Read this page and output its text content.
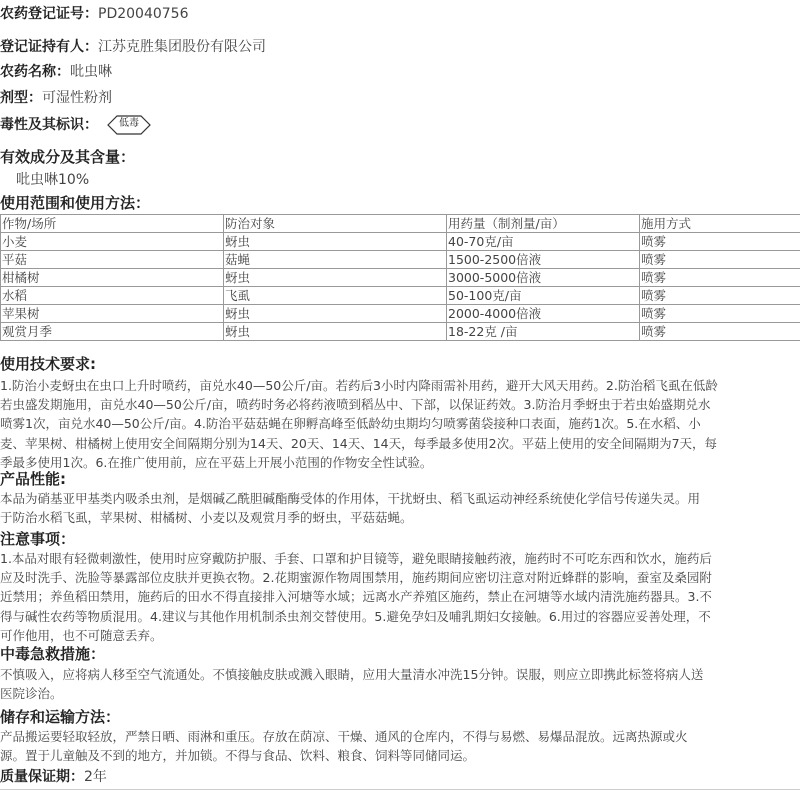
农药登记证号：PD20040756
登记证持有人：江苏克胜集团股份有限公司
农药名称：吡虫啉
剂型：可湿性粉剂
毒性及其标识：	低毒
有效成分及其含量：
吡虫啉10%
使用范围和使用方法：
作物/场所	防治对象	用药量（制剂量/亩）	施用方式
小麦	蚜虫	40-70克/亩	喷雾
平菇	菇蝇	1500-2500倍液	喷雾
柑橘树	蚜虫	3000-5000倍液	喷雾
水稻	飞虱	50-100克/亩	喷雾
苹果树	蚜虫	2000-4000倍液	喷雾
观赏月季	蚜虫	18-22克 /亩	喷雾
使用技术要求:
1.防治小麦蚜虫在虫口上升时喷药，亩兑水40—50公斤/亩。若药后3小时内降雨需补用药，避开大风天用药。2.防治稻飞虱在低龄
若虫盛发期施用，亩兑水40—50公斤/亩，喷药时务必将药液喷到稻丛中、下部，以保证药效。3.防治月季蚜虫于若虫始盛期兑水
喷雾1次，亩兑水40—50公斤/亩。4.防治平菇菇蝇在卵孵高峰至低龄幼虫期均匀喷雾菌袋接种口表面，施药1次。5.在水稻、小
麦、苹果树、柑橘树上使用安全间隔期分别为14天、20天、14天、14天，每季最多使用2次。平菇上使用的安全间隔期为7天，每
季最多使用1次。6.在推广使用前，应在平菇上开展小范围的作物安全性试验。
产品性能:
本品为硝基亚甲基类内吸杀虫剂，是烟碱乙酰胆碱酯酶受体的作用体，干扰蚜虫、稻飞虱运动神经系统使化学信号传递失灵。用
于防治水稻飞虱，苹果树、柑橘树、小麦以及观赏月季的蚜虫，平菇菇蝇。
注意事项：
1.本品对眼有轻微刺激性，使用时应穿戴防护服、手套、口罩和护目镜等，避免眼睛接触药液，施药时不可吃东西和饮水，施药后
应及时洗手、洗脸等暴露部位皮肤并更换衣物。2.花期蜜源作物周围禁用，施药期间应密切注意对附近蜂群的影响，蚕室及桑园附
近禁用；养鱼稻田禁用，施药后的田水不得直接排入河塘等水域；远离水产养殖区施药，禁止在河塘等水域内清洗施药器具。3.不
得与碱性农药等物质混用。4.建议与其他作用机制杀虫剂交替使用。5.避免孕妇及哺乳期妇女接触。6.用过的容器应妥善处理，不
可作他用，也不可随意丢弃。
中毒急救措施：
不慎吸入，应将病人移至空气流通处。不慎接触皮肤或溅入眼睛，应用大量清水冲洗15分钟。误服，则应立即携此标签将病人送
医院诊治。
储存和运输方法：
产品搬运要轻取轻放，严禁日晒、雨淋和重压。存放在荫凉、干燥、通风的仓库内，不得与易燃、易爆品混放。远离热源或火
源。置于儿童触及不到的地方，并加锁。不得与食品、饮料、粮食、饲料等同储同运。
质量保证期：2年
